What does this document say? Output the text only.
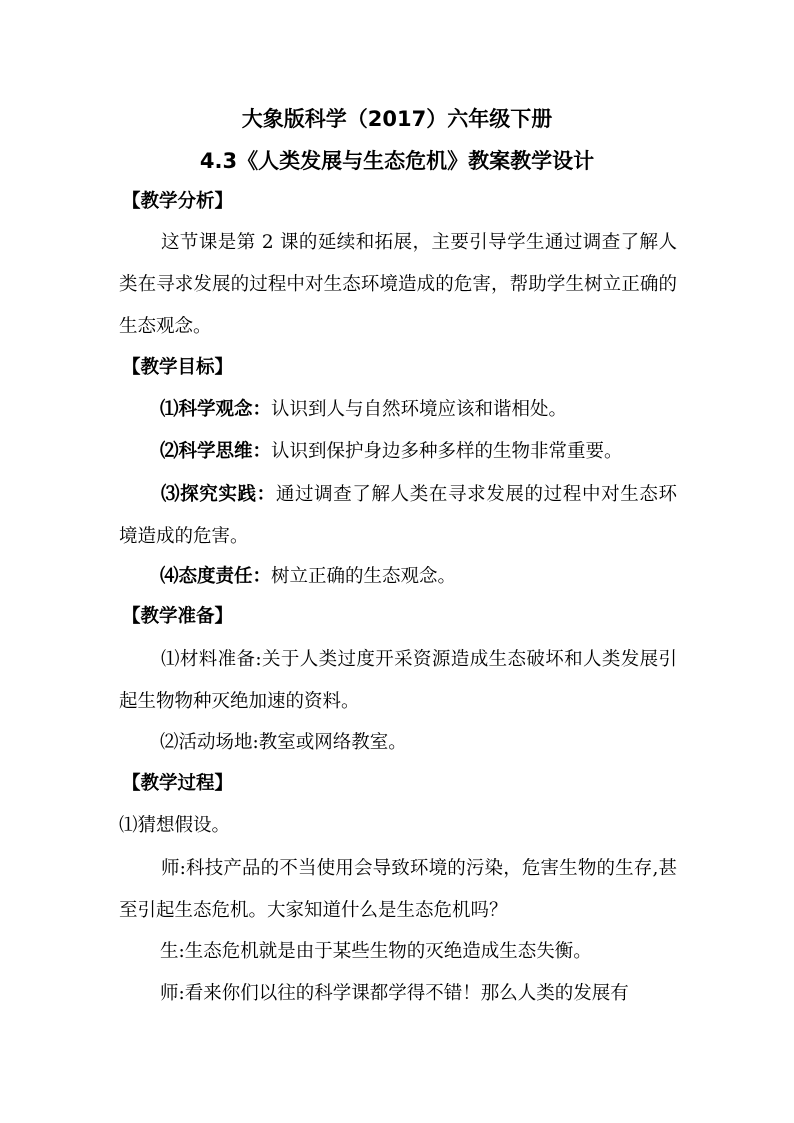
大象版科学（2017）六年级下册
4.3《人类发展与生态危机》教案教学设计
【教学分析】
这节课是第 2 课的延续和拓展，主要引导学生通过调查了解人类在寻求发展的过程中对生态环境造成的危害，帮助学生树立正确的生态观念。
【教学目标】
⑴科学观念：认识到人与自然环境应该和谐相处。
⑵科学思维：认识到保护身边多种多样的生物非常重要。
⑶探究实践：通过调查了解人类在寻求发展的过程中对生态环境造成的危害。
⑷态度责任：树立正确的生态观念。
【教学准备】
⑴材料准备:关于人类过度开采资源造成生态破坏和人类发展引起生物物种灭绝加速的资料。
⑵活动场地:教室或网络教室。
【教学过程】
⑴猜想假设。
师:科技产品的不当使用会导致环境的污染，危害生物的生存,甚至引起生态危机。大家知道什么是生态危机吗？
生:生态危机就是由于某些生物的灭绝造成生态失衡。
师:看来你们以往的科学课都学得不错！那么人类的发展有
